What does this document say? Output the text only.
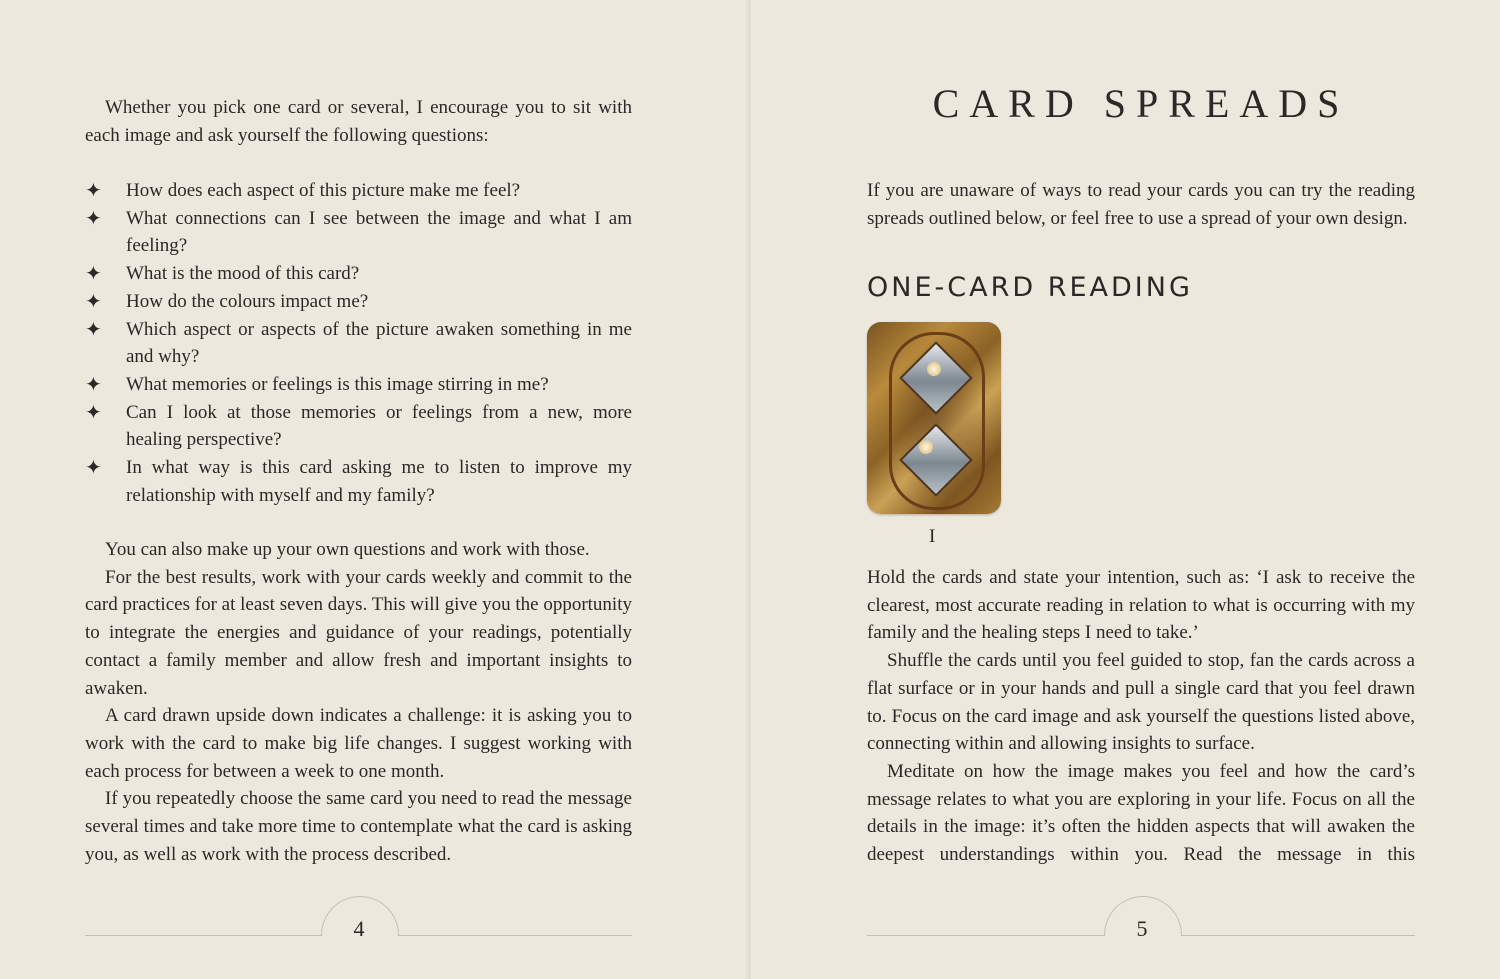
Whether you pick one card or several, I encourage you to sit with each image and ask yourself the following questions:

✦ How does each aspect of this picture make me feel?
✦ What connections can I see between the image and what I am feeling?
✦ What is the mood of this card?
✦ How do the colours impact me?
✦ Which aspect or aspects of the picture awaken something in me and why?
✦ What memories or feelings is this image stirring in me?
✦ Can I look at those memories or feelings from a new, more healing perspective?
✦ In what way is this card asking me to listen to improve my relationship with myself and my family?

You can also make up your own questions and work with those.

For the best results, work with your cards weekly and commit to the card practices for at least seven days. This will give you the opportunity to integrate the energies and guidance of your readings, potentially contact a family member and allow fresh and important insights to awaken.

A card drawn upside down indicates a challenge: it is asking you to work with the card to make big life changes. I suggest working with each process for between a week to one month.

If you repeatedly choose the same card you need to read the message several times and take more time to contemplate what the card is asking you, as well as work with the process described.

4
CARD SPREADS

If you are unaware of ways to read your cards you can try the reading spreads outlined below, or feel free to use a spread of your own design.

ONE-CARD READING
I

Hold the cards and state your intention, such as: ‘I ask to receive the clearest, most accurate reading in relation to what is occurring with my family and the healing steps I need to take.’

Shuffle the cards until you feel guided to stop, fan the cards across a flat surface or in your hands and pull a single card that you feel drawn to. Focus on the card image and ask yourself the questions listed above, connecting within and allowing insights to surface.

Meditate on how the image makes you feel and how the card’s message relates to what you are exploring in your life. Focus on all the details in the image: it’s often the hidden aspects that will awaken the deepest understandings within you. Read the message in this

5
